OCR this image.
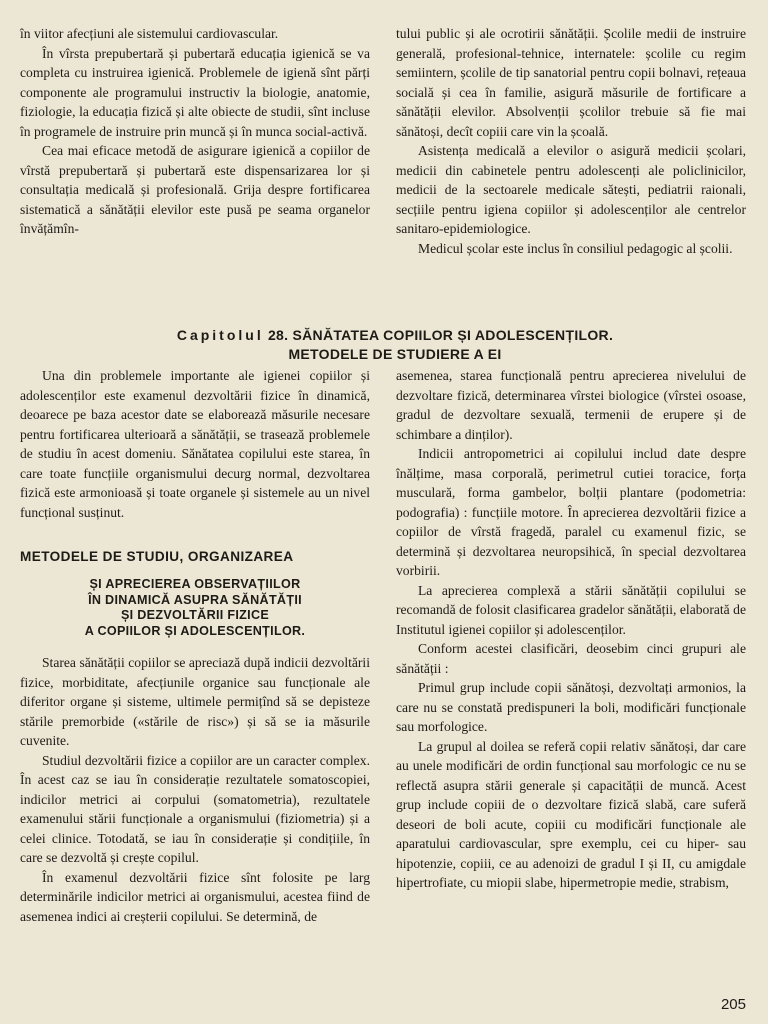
în viitor afecțiuni ale sistemului cardiovascular.

În vîrsta prepubertară și pubertară educația igienică se va completa cu instruirea igienică. Problemele de igienă sînt părți componente ale programului instructiv la biologie, anatomie, fiziologie, la educația fizică și alte obiecte de studii, sînt incluse în programele de instruire prin muncă și în munca social-activă.

Cea mai eficace metodă de asigurare igienică a copiilor de vîrstă prepubertară și pubertară este dispensarizarea lor și consultația medicală și profesională. Grija despre fortificarea sistematică a sănătății elevilor este pusă pe seama organelor învățămîn-

tului public și ale ocrotirii sănătății. Școlile medii de instruire generală, profesional-tehnice, internatele: școlile cu regim semiintern, școlile de tip sanatorial pentru copii bolnavi, rețeaua socială și cea în familie, asigură măsurile de fortificare a sănătății elevilor. Absolvenții școlilor trebuie să fie mai sănătoși, decît copiii care vin la școală.

Asistența medicală a elevilor o asigură medicii școlari, medicii din cabinetele pentru adolescenți ale policlinicilor, medicii de la sectoarele medicale sătești, pediatrii raionali, secțiile pentru igiena copiilor și adolescenților ale centrelor sanitaro-epidemiologice.

Medicul școlar este inclus în consiliul pedagogic al școlii.

Capitolul 28. SĂNĂTATEA COPIILOR ȘI ADOLESCENȚILOR.
METODELE DE STUDIERE A EI

Una din problemele importante ale igienei copiilor și adolescenților este examenul dezvoltării fizice în dinamică, deoarece pe baza acestor date se elaborează măsurile necesare pentru fortificarea ulterioară a sănătății, se trasează problemele de studiu în acest domeniu. Sănătatea copilului este starea, în care toate funcțiile organismului decurg normal, dezvoltarea fizică este armonioasă și toate organele și sistemele au un nivel funcțional susținut.

METODELE DE STUDIU, ORGANIZAREA
ȘI APRECIEREA OBSERVAȚIILOR
ÎN DINAMICĂ ASUPRA SĂNĂTĂȚII
ȘI DEZVOLTĂRII FIZICE
A COPIILOR ȘI ADOLESCENȚILOR.

Starea sănătății copiilor se apreciază după indicii dezvoltării fizice, morbiditate, afecțiunile organice sau funcționale ale diferitor organe și sisteme, ultimele permițînd să se depisteze stările premorbide («stările de risc») și să se ia măsurile cuvenite.

Studiul dezvoltării fizice a copiilor are un caracter complex. În acest caz se iau în considerație rezultatele somatoscopiei, indicilor metrici ai corpului (somatometria), rezultatele examenului stării funcționale a organismului (fiziometria) și a celei clinice. Totodată, se iau în considerație și condițiile, în care se dezvoltă și crește copilul.

În examenul dezvoltării fizice sînt folosite pe larg determinările indicilor metrici ai organismului, acestea fiind de asemenea indici ai creșterii copilului. Se determină, de

asemenea, starea funcțională pentru aprecierea nivelului de dezvoltare fizică, determinarea vîrstei biologice (vîrstei osoase, gradul de dezvoltare sexuală, termenii de erupere și de schimbare a dinților).

Indicii antropometrici ai copilului includ date despre înălțime, masa corporală, perimetrul cutiei toracice, forța musculară, forma gambelor, bolții plantare (podometria: podografia) : funcțiile motore. În aprecierea dezvoltării fizice a copiilor de vîrstă fragedă, paralel cu examenul fizic, se determină și dezvoltarea neuropsihică, în special dezvoltarea vorbirii.

La aprecierea complexă a stării sănătății copilului se recomandă de folosit clasificarea gradelor sănătății, elaborată de Institutul igienei copiilor și adolescenților.

Conform acestei clasificări, deosebim cinci grupuri ale sănătății :

Primul grup include copii sănătoși, dezvoltați armonios, la care nu se constată predispuneri la boli, modificări funcționale sau morfologice.

La grupul al doilea se referă copii relativ sănătoși, dar care au unele modificări de ordin funcțional sau morfologic ce nu se reflectă asupra stării generale și capacității de muncă. Acest grup include copiii de o dezvoltare fizică slabă, care suferă deseori de boli acute, copiii cu modificări funcționale ale aparatului cardiovascular, spre exemplu, cei cu hiper- sau hipotenzie, copiii, ce au adenoizi de gradul I și II, cu amigdale hipertrofiate, cu miopii slabe, hipermetropie medie, strabism,

205
